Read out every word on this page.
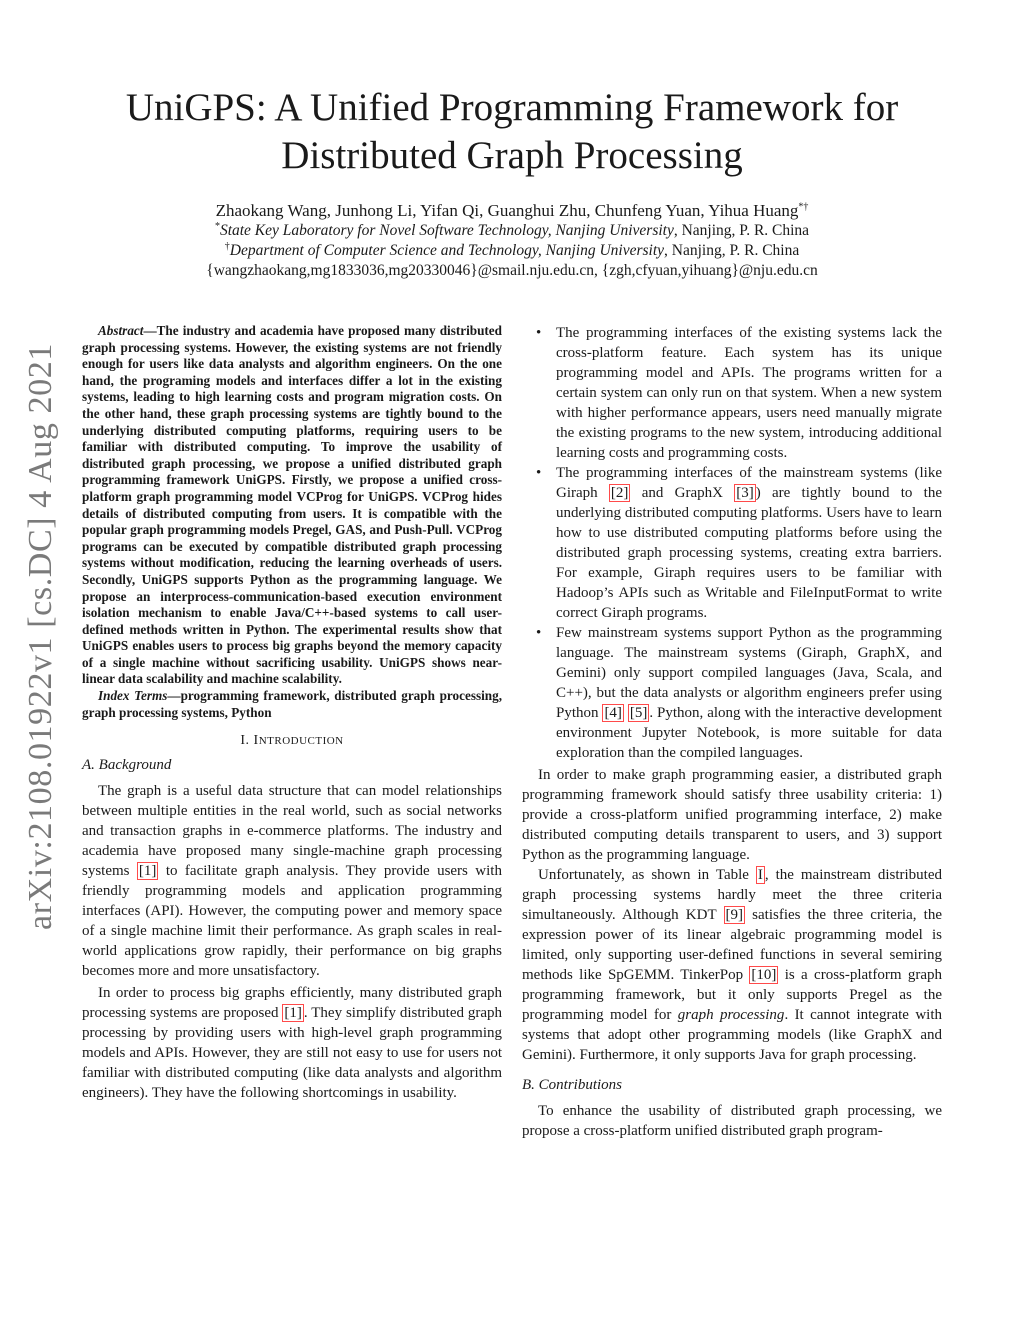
arXiv:2108.01922v1 [cs.DC] 4 Aug 2021
UniGPS: A Unified Programming Framework for
Distributed Graph Processing
Zhaokang Wang, Junhong Li, Yifan Qi, Guanghui Zhu, Chunfeng Yuan, Yihua Huang*†
*State Key Laboratory for Novel Software Technology, Nanjing University, Nanjing, P. R. China
†Department of Computer Science and Technology, Nanjing University, Nanjing, P. R. China
{wangzhaokang,mg1833036,mg20330046}@smail.nju.edu.cn, {zgh,cfyuan,yihuang}@nju.edu.cn

Abstract—The industry and academia have proposed many distributed graph processing systems. However, the existing systems are not friendly enough for users like data analysts and algorithm engineers. On the one hand, the programing models and interfaces differ a lot in the existing systems, leading to high learning costs and program migration costs. On the other hand, these graph processing systems are tightly bound to the underlying distributed computing platforms, requiring users to be familiar with distributed computing. To improve the usability of distributed graph processing, we propose a unified distributed graph programming framework UniGPS. Firstly, we propose a unified cross-platform graph programming model VCProg for UniGPS. VCProg hides details of distributed computing from users. It is compatible with the popular graph programming models Pregel, GAS, and Push-Pull. VCProg programs can be executed by compatible distributed graph processing systems without modification, reducing the learning overheads of users. Secondly, UniGPS supports Python as the programming language. We propose an interprocess-communication-based execution environment isolation mechanism to enable Java/C++-based systems to call user-defined methods written in Python. The experimental results show that UniGPS enables users to process big graphs beyond the memory capacity of a single machine without sacrificing usability. UniGPS shows near-linear data scalability and machine scalability.

Index Terms—programming framework, distributed graph processing, graph processing systems, Python

I. INTRODUCTION
A. Background

The graph is a useful data structure that can model relationships between multiple entities in the real world, such as social networks and transaction graphs in e-commerce platforms. The industry and academia have proposed many single-machine graph processing systems [1] to facilitate graph analysis. They provide users with friendly programming models and application programming interfaces (API). However, the computing power and memory space of a single machine limit their performance. As graph scales in real-world applications grow rapidly, their performance on big graphs becomes more and more unsatisfactory.

In order to process big graphs efficiently, many distributed graph processing systems are proposed [1] . They simplify distributed graph processing by providing users with high-level graph programming models and APIs. However, they are still not easy to use for users not familiar with distributed computing (like data analysts and algorithm engineers). They have the following shortcomings in usability.

• The programming interfaces of the existing systems lack the cross-platform feature. Each system has its unique programming model and APIs. The programs written for a certain system can only run on that system. When a new system with higher performance appears, users need manually migrate the existing programs to the new system, introducing additional learning costs and programming costs.
• The programming interfaces of the mainstream systems (like Giraph [2] and GraphX [3] ) are tightly bound to the underlying distributed computing platforms. Users have to learn how to use distributed computing platforms before using the distributed graph processing systems, creating extra barriers. For example, Giraph requires users to be familiar with Hadoop’s APIs such as Writable and FileInputFormat to write correct Giraph programs.
• Few mainstream systems support Python as the programming language. The mainstream systems (Giraph, GraphX, and Gemini) only support compiled languages (Java, Scala, and C++), but the data analysts or algorithm engineers prefer using Python [4] [5] . Python, along with the interactive development environment Jupyter Notebook, is more suitable for data exploration than the compiled languages.

In order to make graph programming easier, a distributed graph programming framework should satisfy three usability criteria: 1) provide a cross-platform unified programming interface, 2) make distributed computing details transparent to users, and 3) support Python as the programming language.

Unfortunately, as shown in Table I , the mainstream distributed graph processing systems hardly meet the three criteria simultaneously. Although KDT [9] satisfies the three criteria, the expression power of its linear algebraic programming model is limited, only supporting user-defined functions in several semiring methods like SpGEMM. TinkerPop [10] is a cross-platform graph programming framework, but it only supports Pregel as the programming model for graph processing. It cannot integrate with systems that adopt other programming models (like GraphX and Gemini). Furthermore, it only supports Java for graph processing.

B. Contributions

To enhance the usability of distributed graph processing, we propose a cross-platform unified distributed graph program-
